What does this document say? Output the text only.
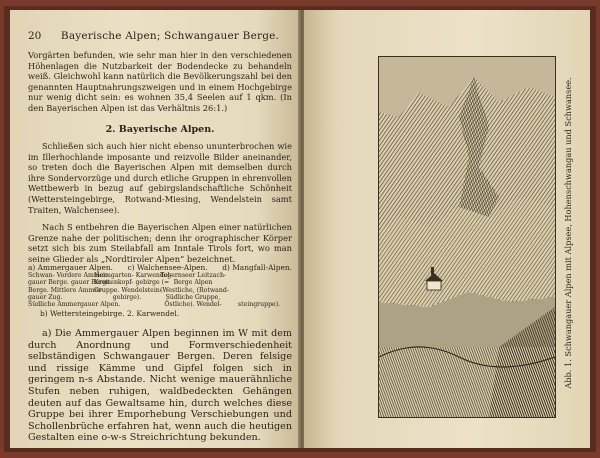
20	Bayerische Alpen; Schwangauer Berge.

Vorgärten befunden, wie sehr man hier in den verschiedenen Höhenlagen die Nutzbarkeit der Bodendecke zu behandeln weiß. Gleichwohl kann natürlich die Bevölkerungszahl bei den genannten Hauptnahrungszweigen und in einem Hochgebirge nur wenig dicht sein: es wohnen 35,4 Seelen auf 1 qkm. (In den Bayerischen Alpen ist das Verhältnis 26:1.)

2. Bayerische Alpen.

Schließen sich auch hier nicht ebenso ununterbrochen wie im Illerhochlande imposante und reizvolle Bilder aneinander, so treten doch die Bayerischen Alpen mit demselben durch ihre Sondervorzüge und durch etliche Gruppen in ehrenvollen Wettbewerb in bezug auf gebirgslandschaftliche Schönheit (Wettersteingebirge, Rotwand-Miesing, Wendelstein samt Traiten, Walchensee).

Nach S entbehren die Bayerischen Alpen einer natürlichen Grenze nahe der politischen; denn ihr orographischer Körper setzt sich bis zum Steilabfall am Inntale Tirols fort, wo man seine Glieder als „Nordtiroler Alpen“ bezeichnet.

a) Ammergauer Alpen. c) Walchensee-Alpen. d) Mangfall-Alpen.
Schwan- Vordere Ammer-
gauer Berge. gauer Berge.
Berge. Mittlere Ammer-
gauer Zug.
Südliche Ammergauer Alpen.
Heimgarten- Karwendel-
Krottenkopf- gebirge (=
Gruppe. Wendelstein-
gebirge).
Tegernseer Leitzach-
Berge Alpen
(Westliche, (Rotwand-
Südliche Gruppe,
Östliche). Wendel-	steingruppe).
b) Wettersteingebirge. 2. Karwendel.

a) Die Ammergauer Alpen beginnen im W mit dem durch Anordnung und Formverschiedenheit selbständigen Schwangauer Bergen. Deren felsige und rissige Kämme und Gipfel folgen sich in geringem n-s Abstande. Nicht wenige mauerähnliche Stufen neben ruhigen, waldbedeckten Gehängen deuten auf das Gewaltsame hin, durch welches diese Gruppe bei ihrer Emporhebung Verschiebungen und Schollenbrüche erfahren hat, wenn auch die heutigen Gestalten eine o-w-s Streichrichtung bekunden.

Abb. 1. Schwangauer Alpen mit Alpsee, Hohenschwangau und Schwansee.
